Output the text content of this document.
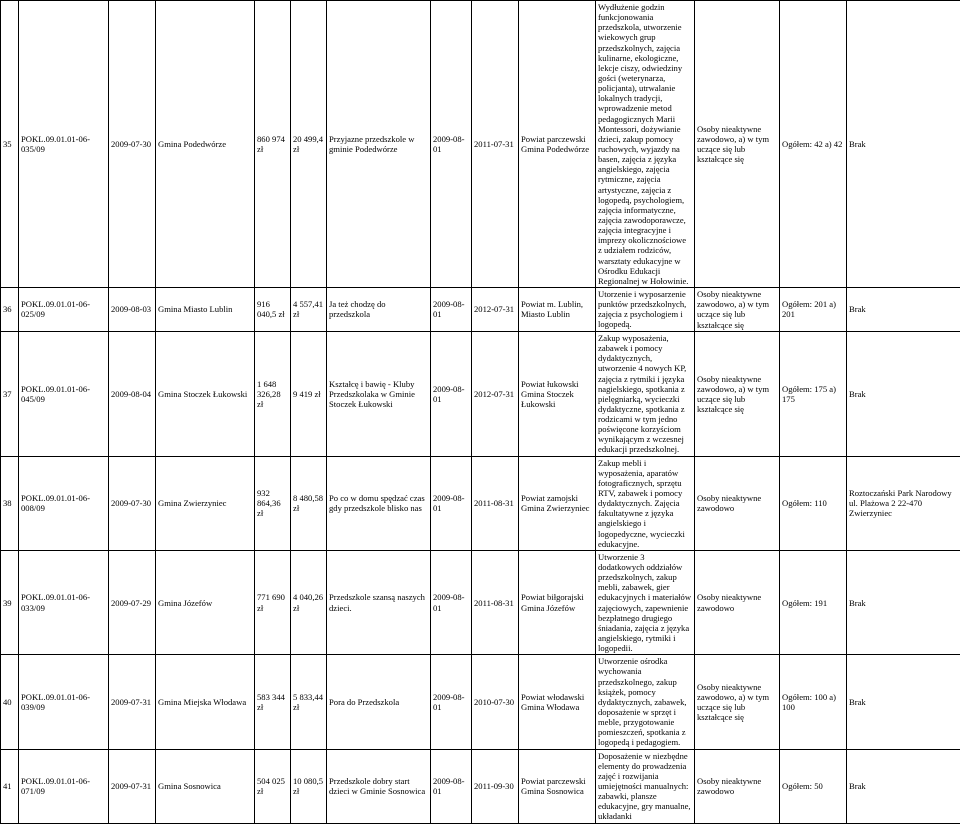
35	POKL.09.01.01-06-035/09	2009-07-30	Gmina Podedwórze	860 974 zł	20 499,4 zł	Przyjazne przedszkole w gminie Podedwórze	2009-08-01	2011-07-31	Powiat parczewski Gmina Podedwórze	Wydłużenie godzin funkcjonowania przedszkola, utworzenie wiekowych grup przedszkolnych, zajęcia kulinarne, ekologiczne, lekcje ciszy, odwiedziny gości (weterynarza, policjanta), utrwalanie lokalnych tradycji, wprowadzenie metod pedagogicznych Marii Montessori, dożywianie dzieci, zakup pomocy ruchowych, wyjazdy na basen, zajęcia z języka angielskiego, zajęcia rytmiczne, zajęcia artystyczne, zajęcia z logopedą, psychologiem, zajęcia informatyczne, zajęcia zawodoporawcze, zajęcia integracyjne i imprezy okolicznościowe z udziałem rodziców, warsztaty edukacyjne w Ośrodku Edukacji Regionalnej w Hołowinie.	Osoby nieaktywne zawodowo, a) w tym uczące się lub kształcące się	Ogółem: 42 a) 42	Brak
36	POKL.09.01.01-06-025/09	2009-08-03	Gmina Miasto Lublin	916 040,5 zł	4 557,41 zł	Ja też chodzę do przedszkola	2009-08-01	2012-07-31	Powiat m. Lublin, Miasto Lublin	Utorzenie i wyposarzenie punktów przedszkolnych, zajęcia z psychologiem i logopedą.	Osoby nieaktywne zawodowo, a) w tym uczące się lub kształcące się	Ogółem: 201 a) 201	Brak
37	POKL.09.01.01-06-045/09	2009-08-04	Gmina Stoczek Łukowski	1 648 326,28 zł	9 419 zł	Kształcę i bawię - Kluby Przedszkolaka w Gminie Stoczek Łukowski	2009-08-01	2012-07-31	Powiat łukowski Gmina Stoczek Łukowski	Zakup wyposażenia, zabawek i pomocy dydaktycznych, utworzenie 4 nowych KP, zajęcia z rytmiki i języka nagielskiego, spotkania z pielęgniarką, wycieczki dydaktyczne, spotkania z rodzicami w tym jedno poświęcone korzyściom wynikającym z wczesnej edukacji przedszkolnej.	Osoby nieaktywne zawodowo, a) w tym uczące się lub kształcące się	Ogółem: 175 a) 175	Brak
38	POKL.09.01.01-06-008/09	2009-07-30	Gmina Zwierzyniec	932 864,36 zł	8 480,58 zł	Po co w domu spędzać czas gdy przedszkole blisko nas	2009-08-01	2011-08-31	Powiat zamojski Gmina Zwierzyniec	Zakup mebli i wyposażenia, aparatów fotograficznych, sprzętu RTV, zabawek i pomocy dydaktycznych. Zajęcia fakultatywne z języka angielskiego i logopedyczne, wycieczki edukacyjne.	Osoby nieaktywne zawodowo	Ogółem: 110	Roztoczański Park Narodowy ul. Plażowa 2 22-470 Zwierzyniec
39	POKL.09.01.01-06-033/09	2009-07-29	Gmina Józefów	771 690 zł	4 040,26 zł	Przedszkole szansą naszych dzieci.	2009-08-01	2011-08-31	Powiat biłgorajski Gmina Józefów	Utworzenie 3 dodatkowych oddziałów przedszkolnych, zakup mebli, zabawek, gier edukacyjnych i materiałów zajęciowych, zapewnienie bezpłatnego drugiego śniadania, zajęcia z języka angielskiego, rytmiki i logopedii.	Osoby nieaktywne zawodowo	Ogółem: 191	Brak
40	POKL.09.01.01-06-039/09	2009-07-31	Gmina Miejska Włodawa	583 344 zł	5 833,44 zł	Pora do Przedszkola	2009-08-01	2010-07-30	Powiat włodawski Gmina Włodawa	Utworzenie ośrodka wychowania przedszkolnego, zakup książek, pomocy dydaktycznych, zabawek, doposażenie w sprzęt i meble, przygotowanie pomieszczeń, spotkania z logopedą i pedagogiem.	Osoby nieaktywne zawodowo, a) w tym uczące się lub kształcące się	Ogółem: 100 a) 100	Brak
41	POKL.09.01.01-06-071/09	2009-07-31	Gmina Sosnowica	504 025 zł	10 080,5 zł	Przedszkole dobry start dzieci w Gminie Sosnowica	2009-08-01	2011-09-30	Powiat parczewski Gmina Sosnowica	Doposażenie w niezbędne elementy do prowadzenia zajęć i rozwijania umiejętności manualnych: zabawki, plansze edukacyjne, gry manualne, układanki	Osoby nieaktywne zawodowo	Ogółem: 50	Brak
